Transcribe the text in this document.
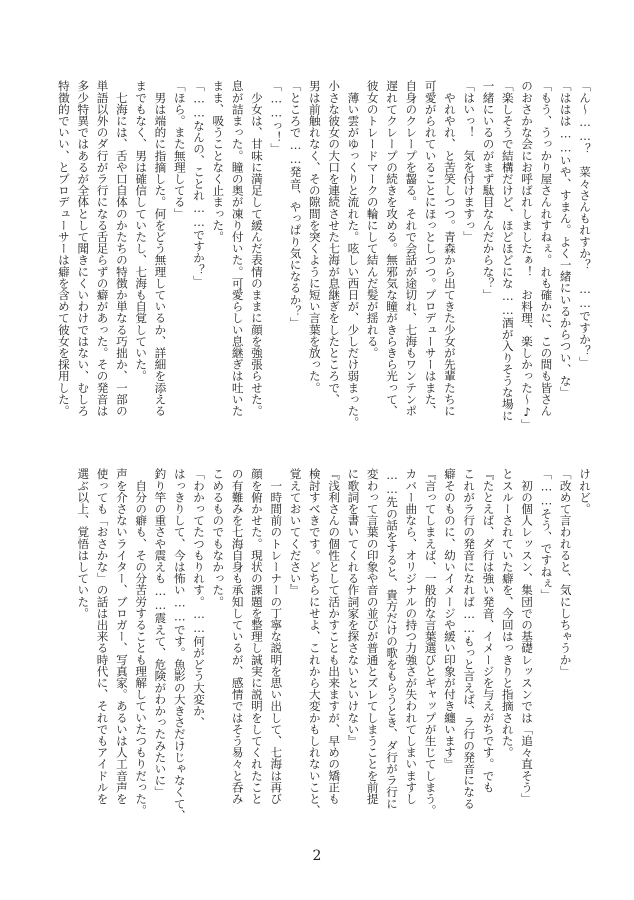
「ん〜……？　菜々さんもれすか？　……ですか？」

「ははは……いや、すまん。よく一緒にいるからつい、な」

「もう、うっかり屋さんれすねぇ。れも確かに、この間も皆さん

のおさかな会にお呼ばれしましたぁ！　お料理、楽しかった〜♪」

「楽しそうで結構だけど、ほどほどにな……酒が入りそうな場に

一緒にいるのがまず駄目なんだからな？」

「はいっ！　気を付けますっ」

　やれやれ、と苦笑しつつ。青森から出てきた少女が先輩たちに

可愛がられていることにほっとしつつ。プロデューサーはまた、

自身のクレープを齧る。それで会話が途切れ、七海もワンテンポ

遅れてクレープの続きを攻める。無邪気な瞳がきらきら光って、

彼女のトレードマークの輪にして結んだ髪が揺れる。

　薄い雲がゆっくりと流れた。呟しい西日が、少しだけ弱まった。

小さな彼女の大口を連続させた七海が息継ぎをしたところで、

男は前触れなく、その隙間を突くように短い言葉を放った。

「ところで……発音、やっぱり気になるか？」

「……っ！」

　少女は、甘味に満足して緩んだ表情のままに顔を強張らせた。

息が詰まった。瞳の奥が凍り付いた。可愛らしい息継ぎは吐いた

まま、吸うことなく止まった。

「……なんの、ことれ……ですか？」

「ほら。また無理してる」

　男は端的に指摘した。何をどう無理しているか、詳細を添える

までもなく、男は確信していたし、七海も自覚していた。

　七海には、舌や口自体のかたちの特徴か単なる巧拙か、一部の

単語以外のダ行がラ行になる舌足らずの癖があった。その発音は

多少特異ではあるが全体として聞きにくいわけではない、むしろ

特徴的でいい、とプロデューサーは癖を含めて彼女を採用した。

けれど。

「改めて言われると、気にしちゃうか」

「……そう、ですねぇ」

　初の個人レッスン、集団での基礎レッスンでは「追々直そう」

とスルーされていた癖を、今回はっきりと指摘された。

『たとえば、ダ行は強い発音、イメージを与えがちです。でも

これがラ行の発音になれば……もっと言えば、ラ行の発音になる

癖そのものに、幼いイメージや緩い印象が付き纏います』

『言ってしまえば、一般的な言葉選びとギャップが生じてしまう。

カバー曲なら、オリジナルの持つ力強さが失われてしまいますし

……先の話をすると、貴方だけの歌をもらうとき、ダ行がラ行に

変わって言葉の印象や音の並びが普通とズレてしまうことを前提

に歌詞を書いてくれる作詞家を探さないといけない』

『浅利さんの個性として活かすことも出来ますが、早めの矯正も

検討すべきです。どちらにせよ、これから大変かもしれないこと、

覚えておいてください』

　一時間前のトレーナーの丁寧な説明を思い出して、七海は再び

顔を俯かせた。現状の課題を整理し誠実に説明をしてくれたこと

の有難みを七海自身も承知しているが、感情ではそう易々と呑み

こめるものでもなかった。

「わかってたつもりれす。……何がどう大変か、

はっきりして、今は怖い……です。魚影の大きさだけじゃなくて、

釣り竿の重さや震えも……震えて、危険がわかったみたいに」

　自分の癖も、その分苦労することも理解していたつもりだった。

声を介さないライター、ブロガー、写真家。あるいは人工音声を

使っても「おさかな」の話は出来る時代に、それでもアイドルを

選ぶ以上、覚悟はしていた。

2
